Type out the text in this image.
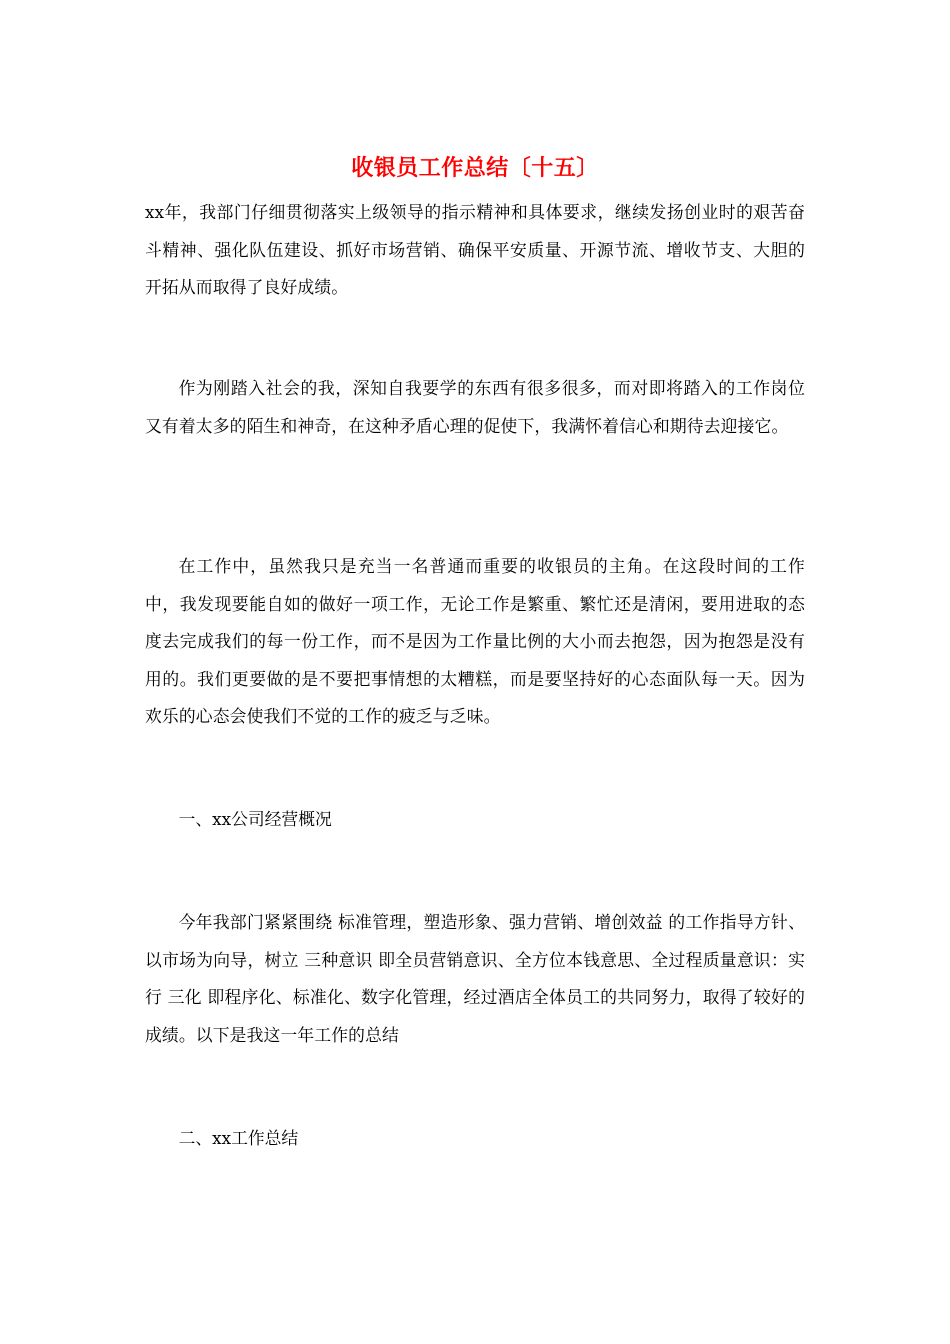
收银员工作总结〔十五〕
xx年，我部门仔细贯彻落实上级领导的指示精神和具体要求，继续发扬创业时的艰苦奋斗精神、强化队伍建设、抓好市场营销、确保平安质量、开源节流、增收节支、大胆的开拓从而取得了良好成绩。
作为刚踏入社会的我，深知自我要学的东西有很多很多，而对即将踏入的工作岗位又有着太多的陌生和神奇，在这种矛盾心理的促使下，我满怀着信心和期待去迎接它。
在工作中，虽然我只是充当一名普通而重要的收银员的主角。在这段时间的工作中，我发现要能自如的做好一项工作，无论工作是繁重、繁忙还是清闲，要用进取的态度去完成我们的每一份工作，而不是因为工作量比例的大小而去抱怨，因为抱怨是没有用的。我们更要做的是不要把事情想的太糟糕，而是要坚持好的心态面队每一天。因为欢乐的心态会使我们不觉的工作的疲乏与乏味。
一、xx公司经营概况
今年我部门紧紧围绕 标准管理，塑造形象、强力营销、增创效益 的工作指导方针、以市场为向导，树立 三种意识 即全员营销意识、全方位本钱意思、全过程质量意识：实行 三化 即程序化、标准化、数字化管理，经过酒店全体员工的共同努力，取得了较好的成绩。以下是我这一年工作的总结
二、xx工作总结
